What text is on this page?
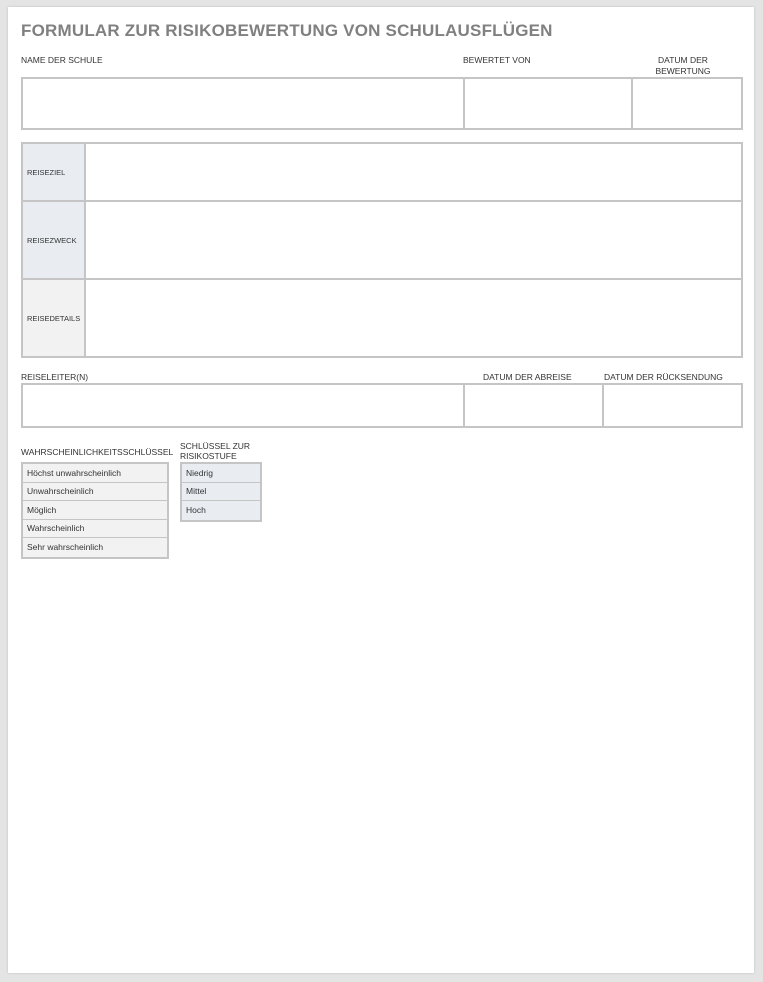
FORMULAR ZUR RISIKOBEWERTUNG VON SCHULAUSFLÜGEN
NAME DER SCHULE	BEWERTET VON	DATUM DER
BEWERTUNG
REISEZIEL
REISEZWECK
REISEDETAILS
REISELEITER(N)	DATUM DER ABREISE	DATUM DER RÜCKSENDUNG
WAHRSCHEINLICHKEITSSCHLÜSSEL
Höchst unwahrscheinlich
Unwahrscheinlich
Möglich
Wahrscheinlich
Sehr wahrscheinlich
SCHLÜSSEL ZUR
RISIKOSTUFE
Niedrig
Mittel
Hoch
